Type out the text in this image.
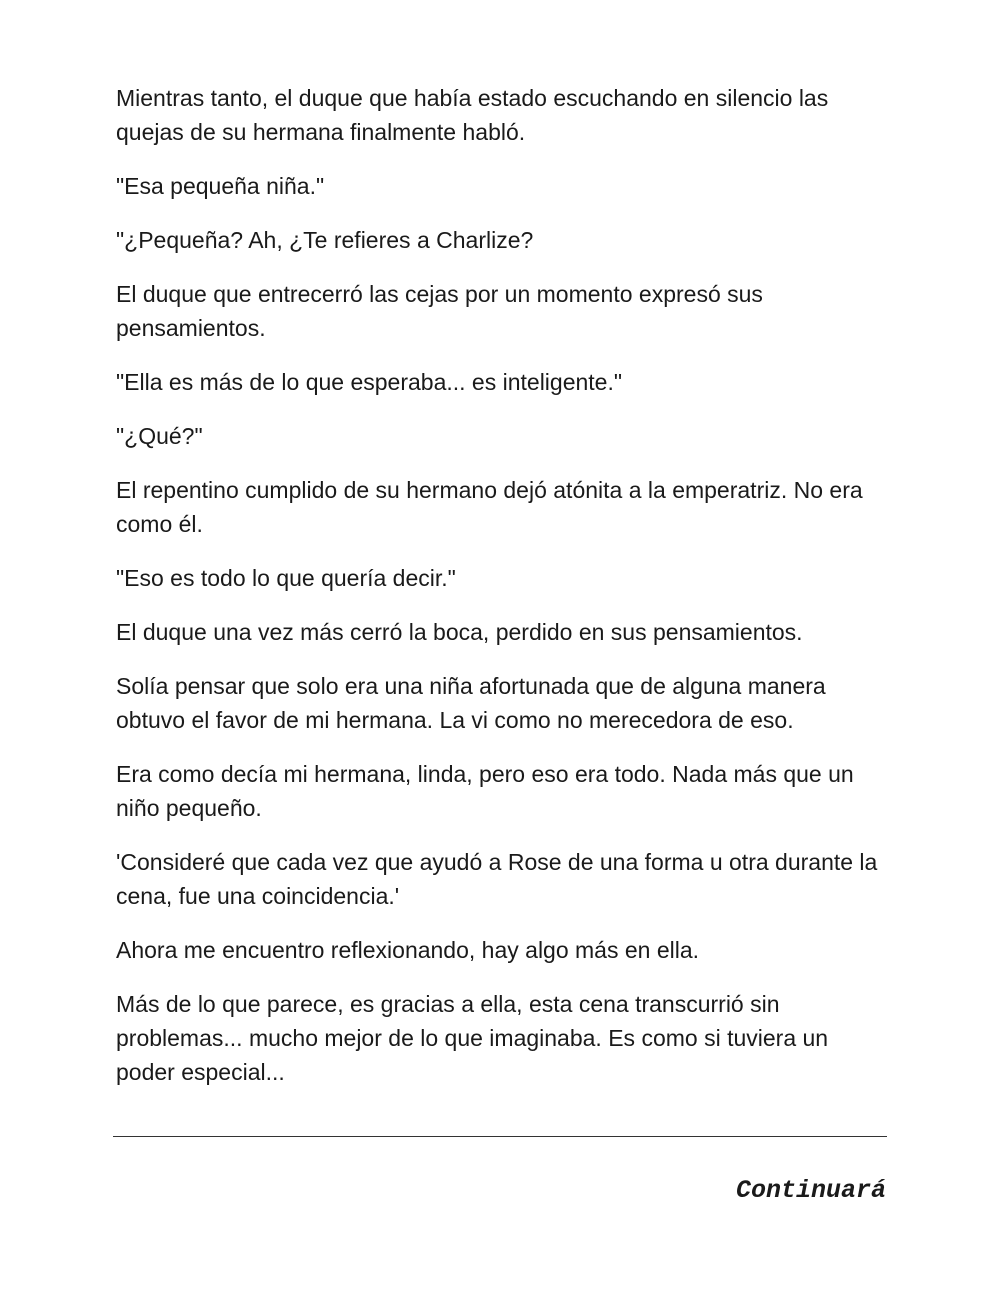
Mientras tanto, el duque que había estado escuchando en silencio las quejas de su hermana finalmente habló.

"Esa pequeña niña."

"¿Pequeña? Ah, ¿Te refieres a Charlize?

El duque que entrecerró las cejas por un momento expresó sus pensamientos.

"Ella es más de lo que esperaba... es inteligente."

"¿Qué?"

El repentino cumplido de su hermano dejó atónita a la emperatriz. No era como él.

"Eso es todo lo que quería decir."

El duque una vez más cerró la boca, perdido en sus pensamientos.

Solía pensar que solo era una niña afortunada que de alguna manera obtuvo el favor de mi hermana. La vi como no merecedora de eso.

Era como decía mi hermana, linda, pero eso era todo. Nada más que un niño pequeño.

'Consideré que cada vez que ayudó a Rose de una forma u otra durante la cena, fue una coincidencia.'

Ahora me encuentro reflexionando, hay algo más en ella.

Más de lo que parece, es gracias a ella, esta cena transcurrió sin problemas... mucho mejor de lo que imaginaba. Es como si tuviera un poder especial...

Continuará
